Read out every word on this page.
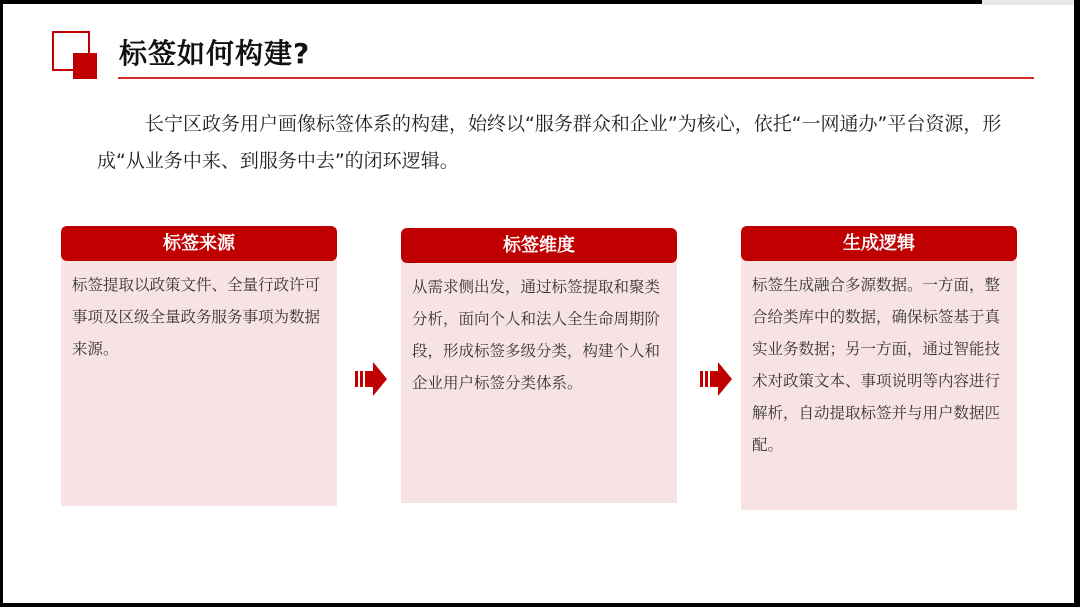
标签如何构建?
长宁区政务用户画像标签体系的构建，始终以“服务群众和企业”为核心，依托“一网通办”平台资源，形成“从业务中来、到服务中去”的闭环逻辑。
标签来源
标签提取以政策文件、全量行政许可事项及区级全量政务服务事项为数据来源。
标签维度
从需求侧出发，通过标签提取和聚类分析，面向个人和法人全生命周期阶段，形成标签多级分类，构建个人和企业用户标签分类体系。
生成逻辑
标签生成融合多源数据。一方面，整合给类库中的数据，确保标签基于真实业务数据；另一方面，通过智能技术对政策文本、事项说明等内容进行解析，自动提取标签并与用户数据匹配。
